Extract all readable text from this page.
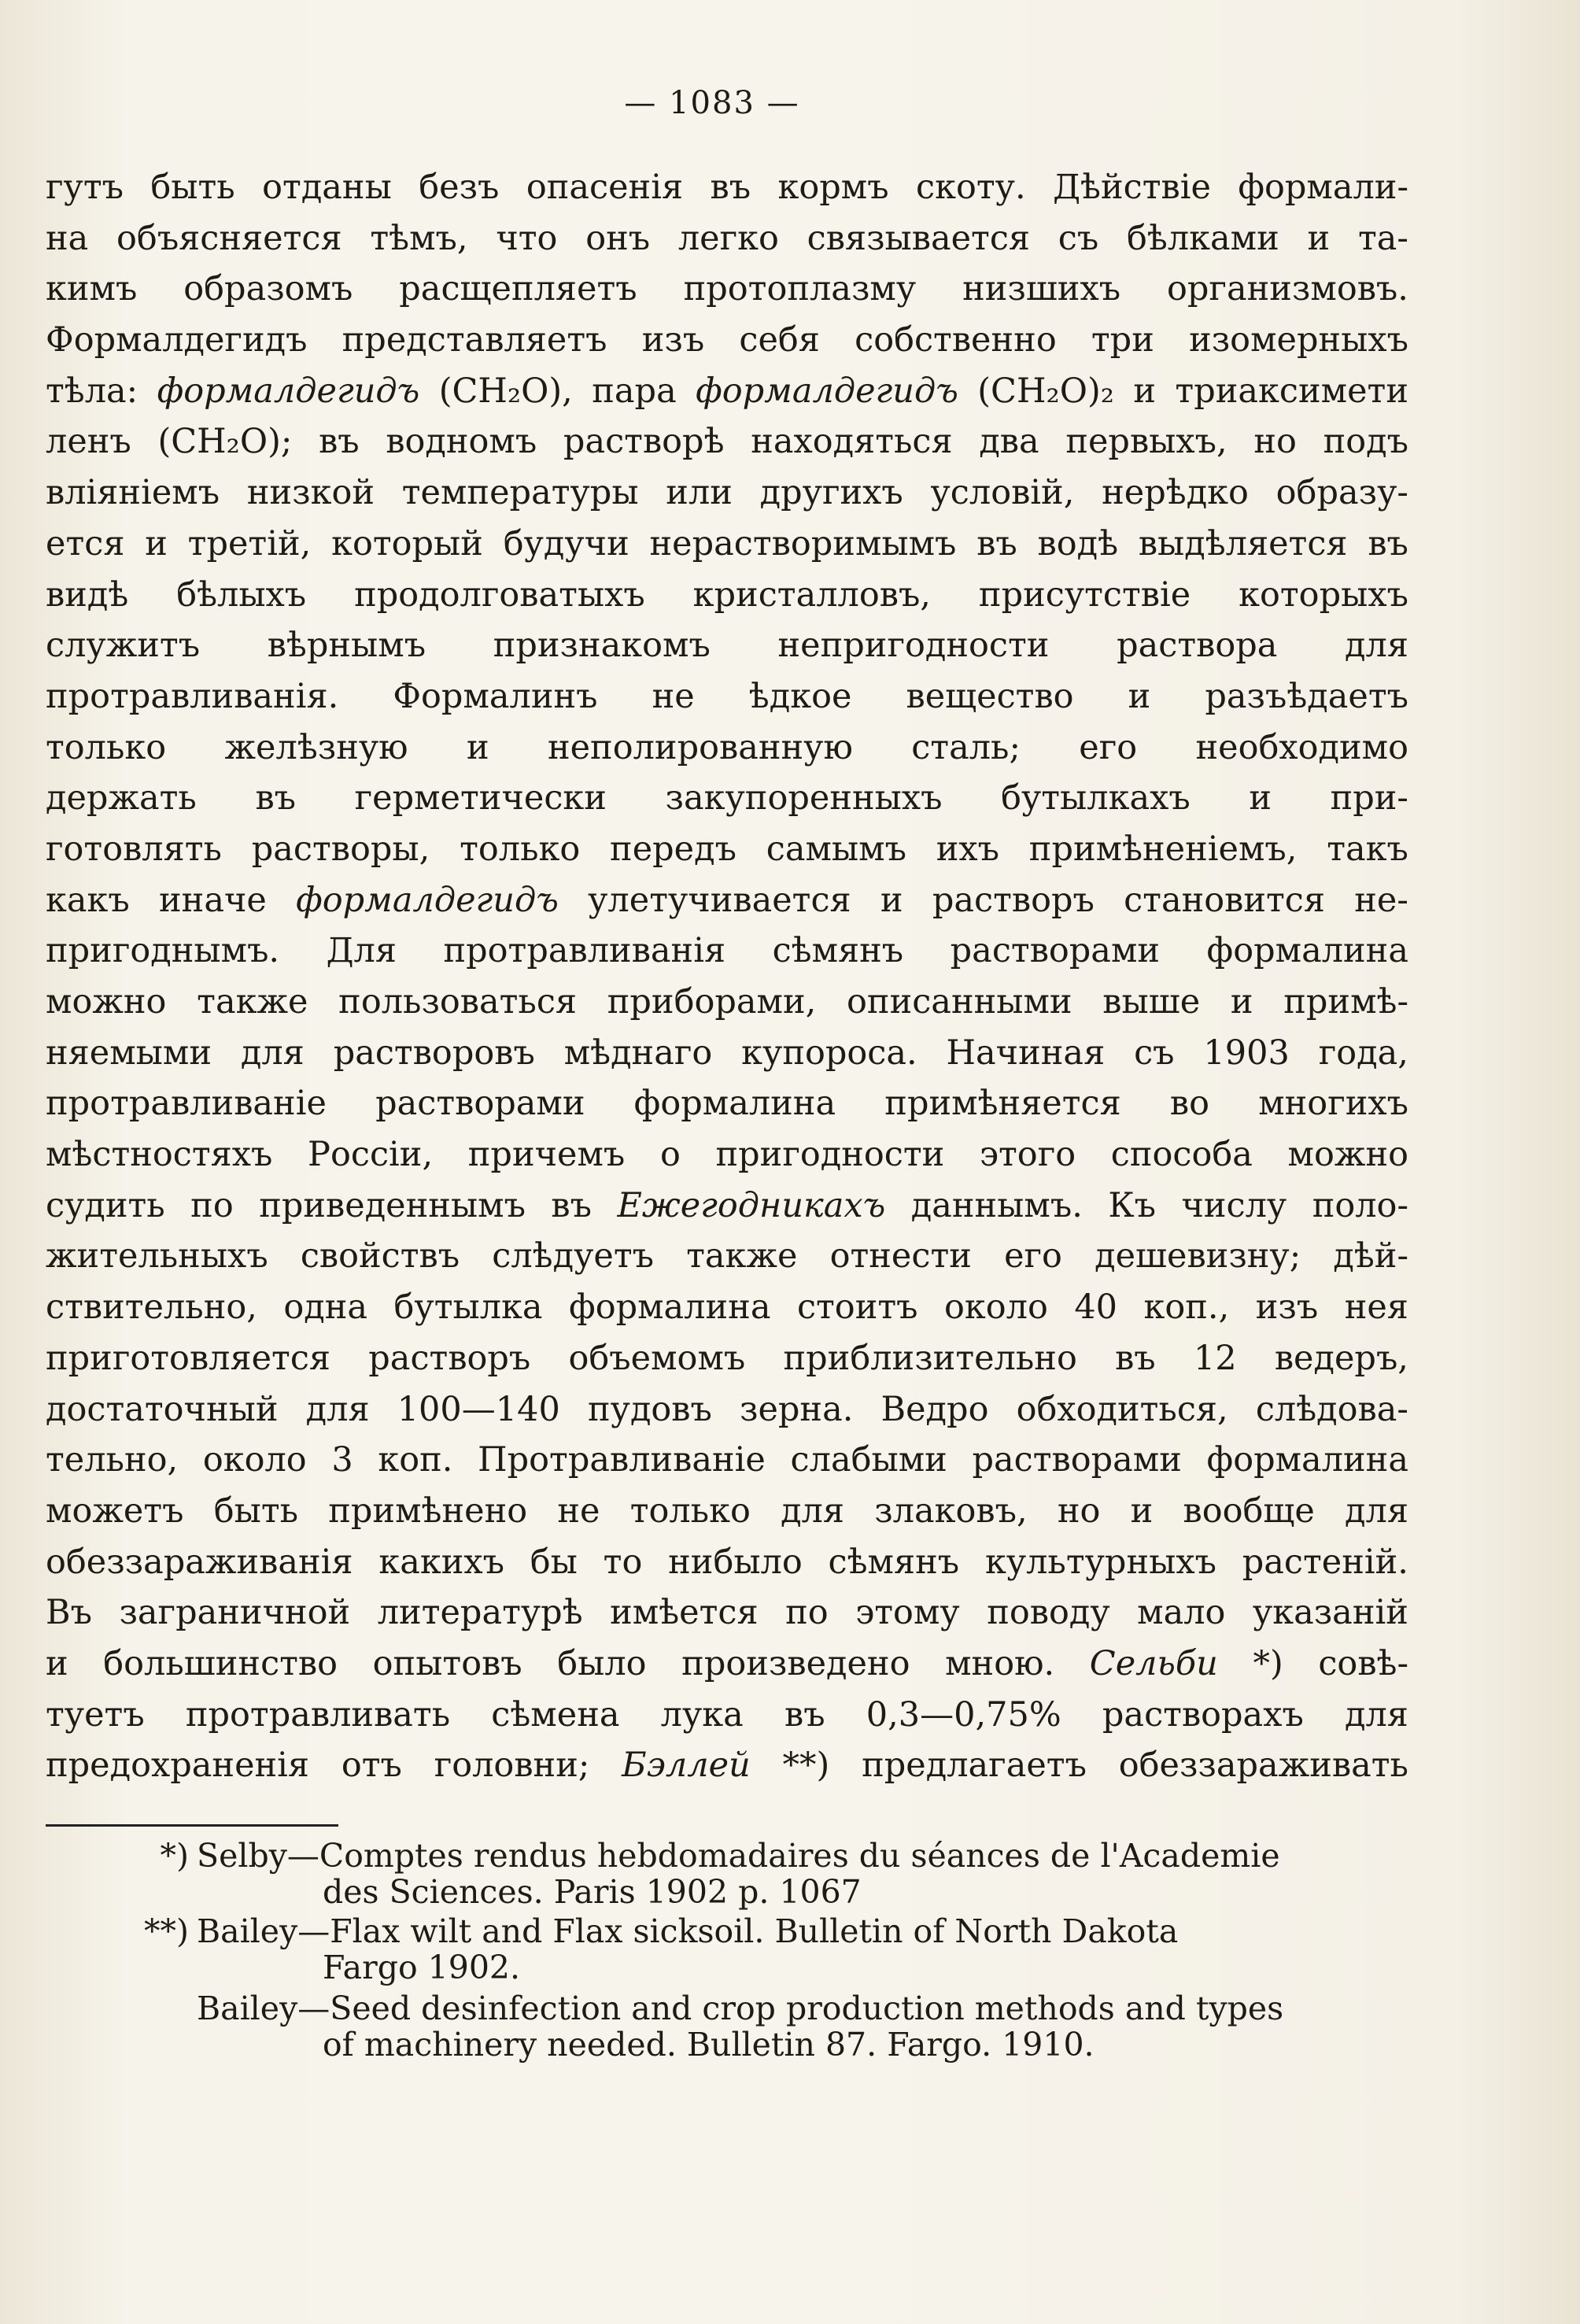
— 1083 —
гутъ быть отданы безъ опасенія въ кормъ скоту. Дѣйствіе формали-
на объясняется тѣмъ, что онъ легко связывается съ бѣлками и та-
кимъ образомъ расщепляетъ протоплазму низшихъ организмовъ.
Формалдегидъ представляетъ изъ себя собственно три изомерныхъ
тѣла: формалдегидъ (CH₂O), пара формалдегидъ (CH₂O)₂ и триаксимети
ленъ (CH₂O); въ водномъ растворѣ находяться два первыхъ, но подъ
вліяніемъ низкой температуры или другихъ условій, нерѣдко образу-
ется и третій, который будучи нерастворимымъ въ водѣ выдѣляется въ
видѣ бѣлыхъ продолговатыхъ кристалловъ, присутствіе которыхъ
служитъ вѣрнымъ признакомъ непригодности раствора для
протравливанія. Формалинъ не ѣдкое вещество и разъѣдаетъ
только желѣзную и неполированную сталь; его необходимо
держать въ герметически закупоренныхъ бутылкахъ и при-
готовлять растворы, только передъ самымъ ихъ примѣненіемъ, такъ
какъ иначе формалдегидъ улетучивается и растворъ становится не-
пригоднымъ. Для протравливанія сѣмянъ растворами формалина
можно также пользоваться приборами, описанными выше и примѣ-
няемыми для растворовъ мѣднаго купороса. Начиная съ 1903 года,
протравливаніе растворами формалина примѣняется во многихъ
мѣстностяхъ Россіи, причемъ о пригодности этого способа можно
судить по приведеннымъ въ Ежегодникахъ даннымъ. Къ числу поло-
жительныхъ свойствъ слѣдуетъ также отнести его дешевизну; дѣй-
ствительно, одна бутылка формалина стоитъ около 40 коп., изъ нея
приготовляется растворъ объемомъ приблизительно въ 12 ведеръ,
достаточный для 100—140 пудовъ зерна. Ведро обходиться, слѣдова-
тельно, около 3 коп. Протравливаніе слабыми растворами формалина
можетъ быть примѣнено не только для злаковъ, но и вообще для
обеззараживанія какихъ бы то нибыло сѣмянъ культурныхъ растеній.
Въ заграничной литературѣ имѣется по этому поводу мало указаній
и большинство опытовъ было произведено мною. Сельби *) совѣ-
туетъ протравливать сѣмена лука въ 0,3—0,75% растворахъ для
предохраненія отъ головни; Бэллей **) предлагаетъ обеззараживать
*) Selby—Comptes rendus hebdomadaires du séances de l'Academie
des Sciences. Paris 1902 p. 1067
**) Bailey—Flax wilt and Flax sicksoil. Bulletin of North Dakota
Fargo 1902.
Bailey—Seed desinfection and crop production methods and types
of machinery needed. Bulletin 87. Fargo. 1910.
